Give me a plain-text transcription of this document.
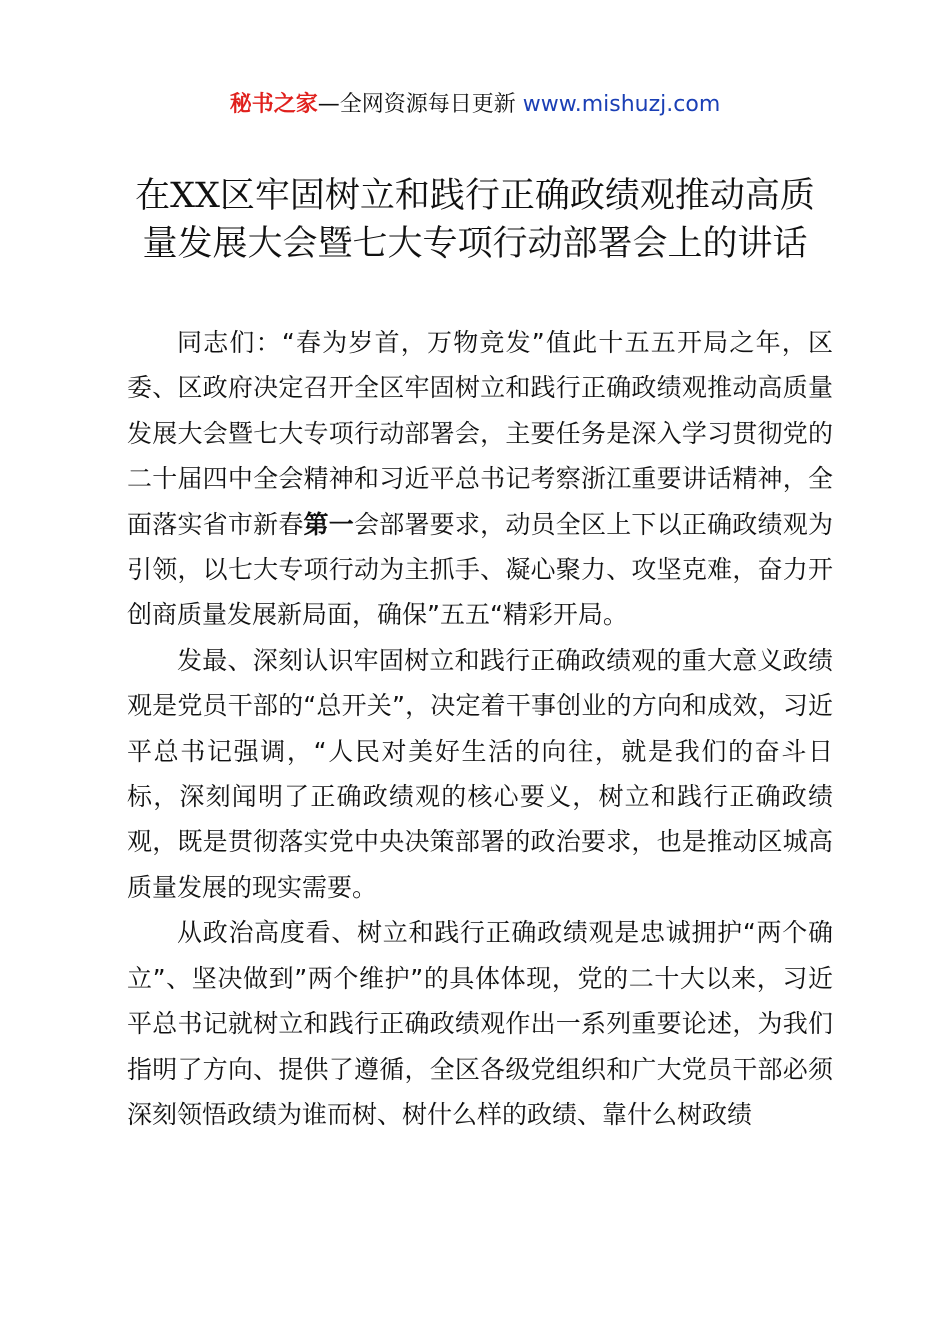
秘书之家—全网资源每日更新 www.mishuzj.com
在XX区牢固树立和践行正确政绩观推动高质
量发展大会暨七大专项行动部署会上的讲话

同志们：“春为岁首，万物竞发”值此十五五开局之年，区委、区政府决定召开全区牢固树立和践行正确政绩观推动高质量发展大会暨七大专项行动部署会，主要任务是深入学习贯彻党的二十届四中全会精神和习近平总书记考察浙江重要讲话精神，全面落实省市新春第一会部署要求，动员全区上下以正确政绩观为引领，以七大专项行动为主抓手、凝心聚力、攻坚克难，奋力开创商质量发展新局面，确保”五五“精彩开局。

发最、深刻认识牢固树立和践行正确政绩观的重大意义政绩观是党员干部的“总开关”，决定着干事创业的方向和成效，习近平总书记强调，“人民对美好生活的向往，就是我们的奋斗日标，深刻闻明了正确政绩观的核心要义，树立和践行正确政绩观，既是贯彻落实党中央决策部署的政治要求，也是推动区城高质量发展的现实需要。

从政治高度看、树立和践行正确政绩观是忠诚拥护“两个确立”、坚决做到”两个维护”的具体体现，党的二十大以来，习近平总书记就树立和践行正确政绩观作出一系列重要论述，为我们指明了方向、提供了遵循，全区各级党组织和广大党员干部必须深刻领悟政绩为谁而树、树什么样的政绩、靠什么树政绩
